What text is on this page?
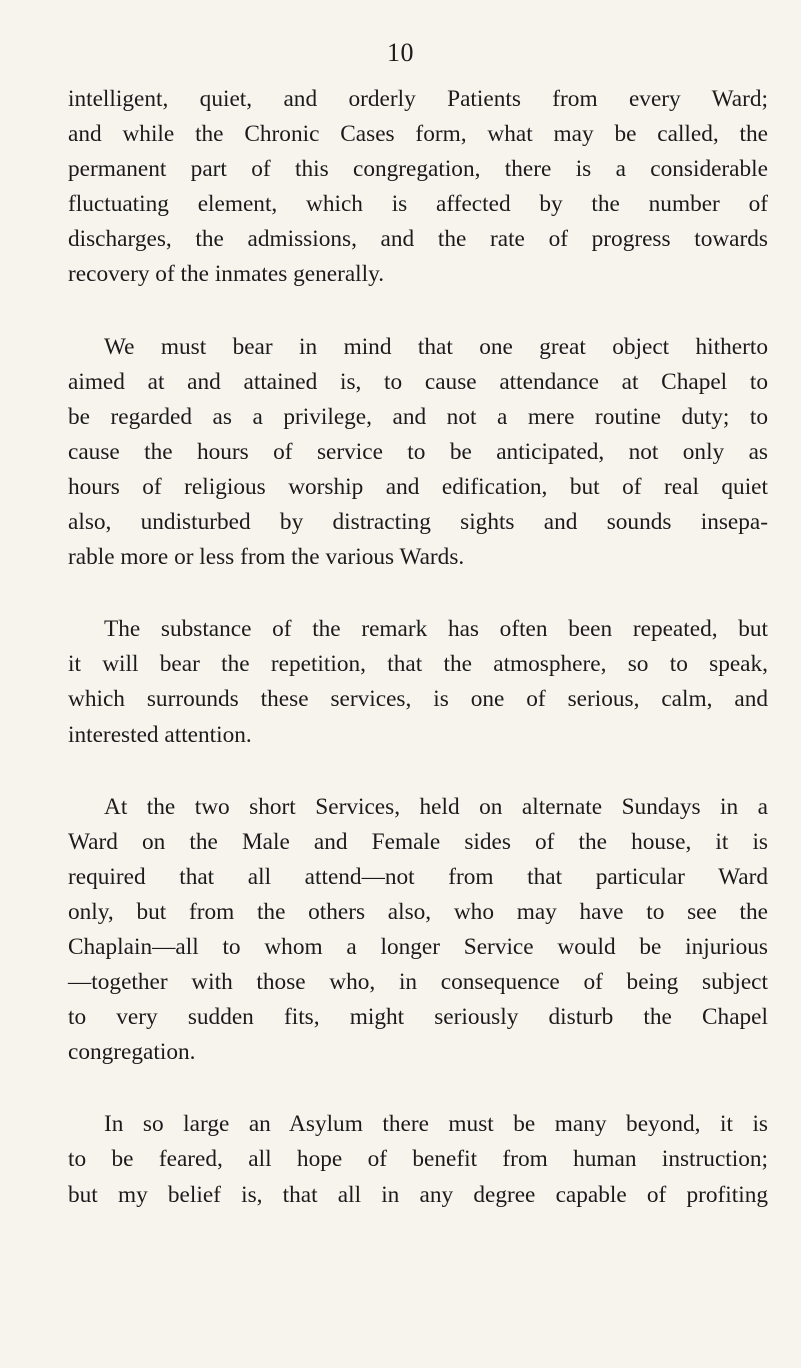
10

intelligent, quiet, and orderly Patients from every Ward;
and while the Chronic Cases form, what may be called, the
permanent part of this congregation, there is a considerable
fluctuating element, which is affected by the number of
discharges, the admissions, and the rate of progress towards
recovery of the inmates generally.

We must bear in mind that one great object hitherto
aimed at and attained is, to cause attendance at Chapel to
be regarded as a privilege, and not a mere routine duty; to
cause the hours of service to be anticipated, not only as
hours of religious worship and edification, but of real quiet
also, undisturbed by distracting sights and sounds insepa-
rable more or less from the various Wards.

The substance of the remark has often been repeated, but
it will bear the repetition, that the atmosphere, so to speak,
which surrounds these services, is one of serious, calm, and
interested attention.

At the two short Services, held on alternate Sundays in a
Ward on the Male and Female sides of the house, it is
required that all attend—not from that particular Ward
only, but from the others also, who may have to see the
Chaplain—all to whom a longer Service would be injurious
—together with those who, in consequence of being subject
to very sudden fits, might seriously disturb the Chapel
congregation.

In so large an Asylum there must be many beyond, it is
to be feared, all hope of benefit from human instruction;
but my belief is, that all in any degree capable of profiting
